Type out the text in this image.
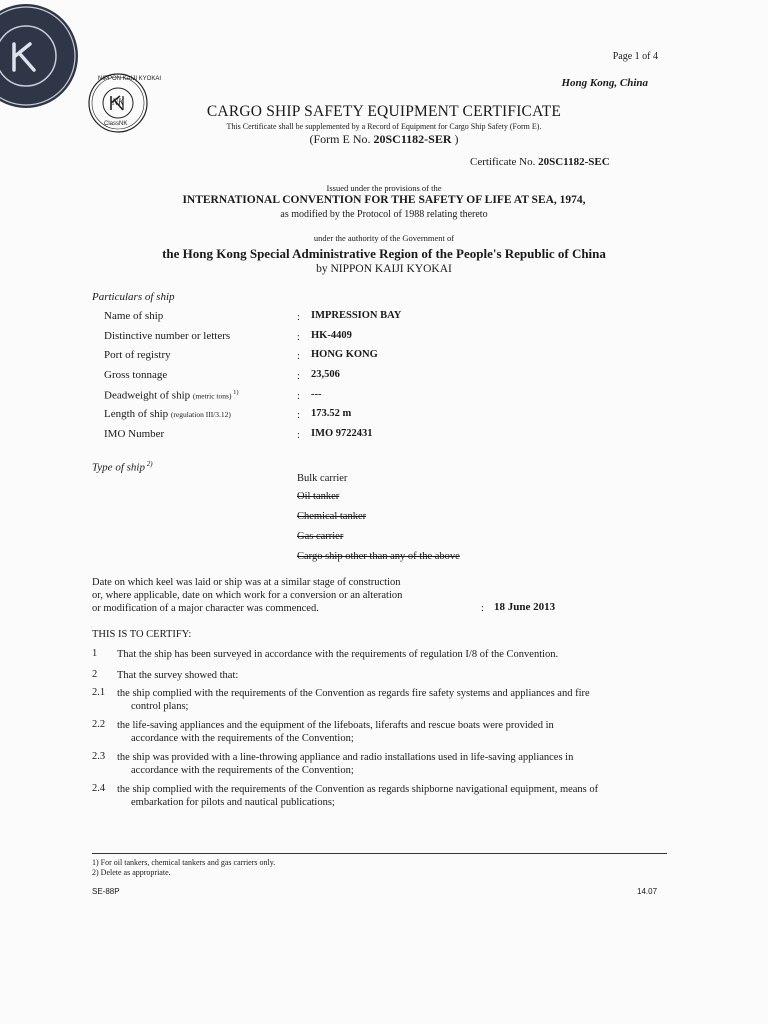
NIPPON KAIJI KYOKAI
ClassNK
NK
Page 1 of 4
Hong Kong, China
CARGO SHIP SAFETY EQUIPMENT CERTIFICATE
This Certificate shall be supplemented by a Record of Equipment for Cargo Ship Safety (Form E).
(Form E No. 20SC1182-SER )
Certificate No. 20SC1182-SEC
Issued under the provisions of the
INTERNATIONAL CONVENTION FOR THE SAFETY OF LIFE AT SEA, 1974,
as modified by the Protocol of 1988 relating thereto
under the authority of the Government of
the Hong Kong Special Administrative Region of the People's Republic of China
by NIPPON KAIJI KYOKAI
Particulars of ship
Name of ship	: IMPRESSION BAY
Distinctive number or letters	: HK-4409
Port of registry	: HONG KONG
Gross tonnage	: 23,506
Deadweight of ship (metric tons) $^{1)}$	: ---
Length of ship (regulation III/3.12)	: 173.52 m
IMO Number	: IMO 9722431
Type of ship $^{2)}$
Bulk carrier
Oil tanker
Chemical tanker
Gas carrier
Cargo ship other than any of the above
Date on which keel was laid or ship was at a similar stage of construction
or, where applicable, date on which work for a conversion or an alteration
or modification of a major character was commenced.	: 18 June 2013
THIS IS TO CERTIFY:
1 That the ship has been surveyed in accordance with the requirements of regulation I/8 of the Convention.
2 That the survey showed that:
2.1 the ship complied with the requirements of the Convention as regards fire safety systems and appliances and fire
control plans;
2.2 the life-saving appliances and the equipment of the lifeboats, liferafts and rescue boats were provided in
accordance with the requirements of the Convention;
2.3 the ship was provided with a line-throwing appliance and radio installations used in life-saving appliances in
accordance with the requirements of the Convention;
2.4 the ship complied with the requirements of the Convention as regards shipborne navigational equipment, means of
embarkation for pilots and nautical publications;
1) For oil tankers, chemical tankers and gas carriers only.
2) Delete as appropriate.
SE-88P	14.07
